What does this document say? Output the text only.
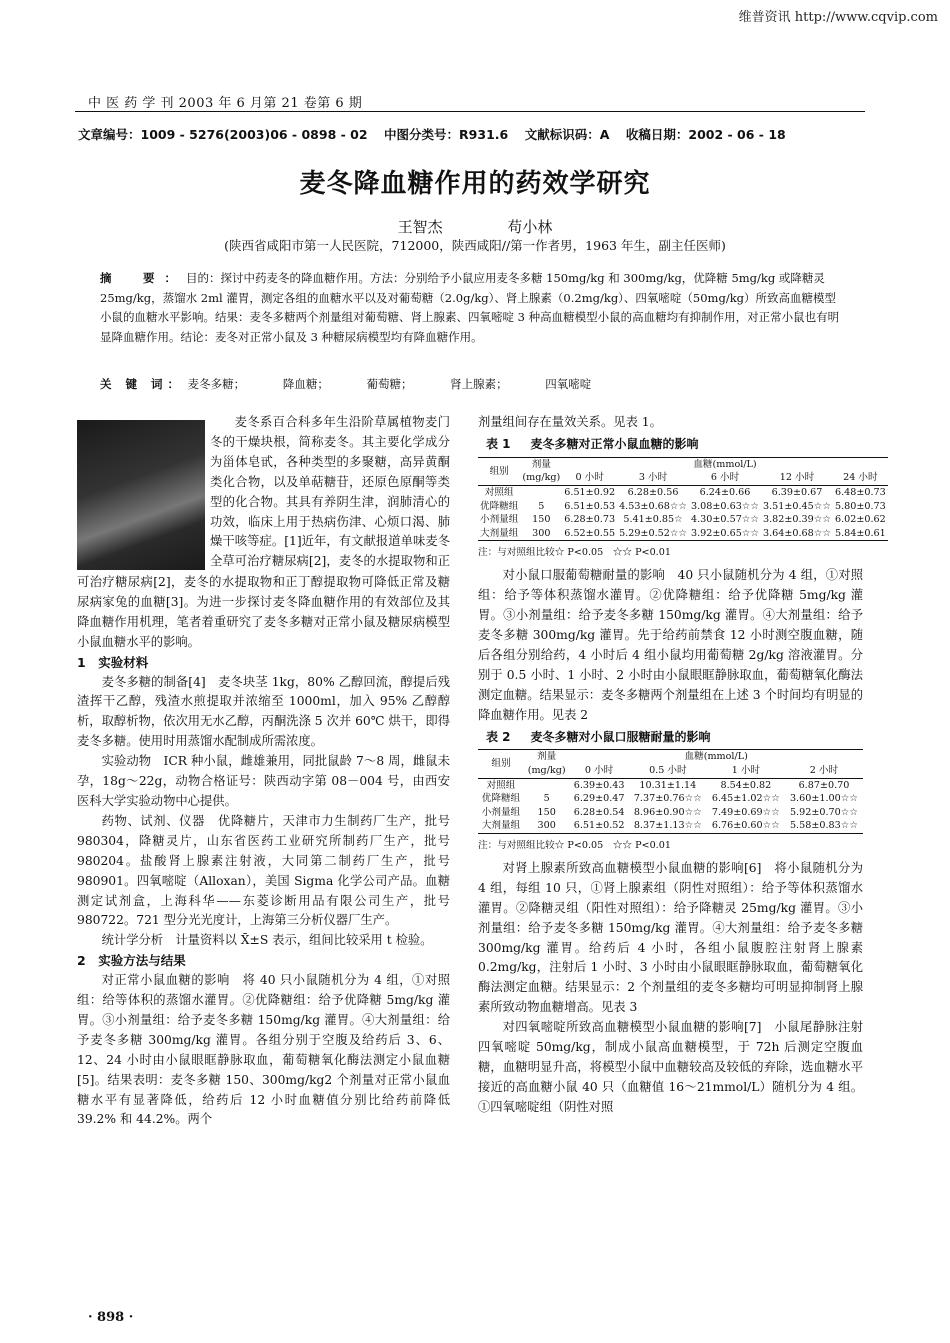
维普资讯 http://www.cqvip.com
中 医 药 学 刊 2003 年 6 月第 21 卷第 6 期
文章编号：1009 - 5276(2003)06 - 0898 - 02　 中图分类号：R931.6　 文献标识码：A　 收稿日期：2002 - 06 - 18
麦冬降血糖作用的药效学研究
王智杰	苟小林
(陕西省咸阳市第一人民医院，712000，陕西咸阳//第一作者男，1963 年生，副主任医师)
摘　要：目的：探讨中药麦冬的降血糖作用。方法：分别给予小鼠应用麦冬多糖 150mg/kg 和 300mg/kg，优降糖 5mg/kg 或降糖灵 25mg/kg，蒸馏水 2ml 灌胃，测定各组的血糖水平以及对葡萄糖（2.0g/kg）、肾上腺素（0.2mg/kg）、四氧嘧啶（50mg/kg）所致高血糖模型小鼠的血糖水平影响。结果：麦冬多糖两个剂量组对葡萄糖、肾上腺素、四氧嘧啶 3 种高血糖模型小鼠的高血糖均有抑制作用，对正常小鼠也有明显降血糖作用。结论：麦冬对正常小鼠及 3 种糖尿病模型均有降血糖作用。
关 键 词： 麦冬多糖；	降血糖；	葡萄糖；	肾上腺素；	四氧嘧啶

麦冬系百合科多年生沿阶草属植物麦门冬的干燥块根，简称麦冬。其主要化学成分为甾体皂甙，各种类型的多聚糖，高异黄酮类化合物，以及单萜糖苷，还原色原酮等类型的化合物。其具有养阴生津，润肺清心的功效，临床上用于热病伤津、心烦口渴、肺燥干咳等症。[1]近年，有文献报道单味麦冬全草可治疗糖尿病[2]，麦冬的水提取物和正

可治疗糖尿病[2]，麦冬的水提取物和正丁醇提取物可降低正常及糖尿病家兔的血糖[3]。为进一步探讨麦冬降血糖作用的有效部位及其降血糖作用机理，笔者着重研究了麦冬多糖对正常小鼠及糖尿病模型小鼠血糖水平的影响。

1　实验材料

麦冬多糖的制备[4]　麦冬块茎 1kg，80% 乙醇回流，醇提后残渣挥干乙醇，残渣水煎提取并浓缩至 1000ml，加入 95% 乙醇醇析，取醇析物，依次用无水乙醇，丙酮洗涤 5 次并 60℃ 烘干，即得麦冬多糖。使用时用蒸馏水配制成所需浓度。

实验动物　ICR 种小鼠，雌雄兼用，同批鼠龄 7～8 周，雌鼠未孕，18g～22g，动物合格证号：陕西动字第 08－004 号，由西安医科大学实验动物中心提供。

药物、试剂、仪器　优降糖片，天津市力生制药厂生产，批号 980304，降糖灵片，山东省医药工业研究所制药厂生产，批号 980204。盐酸肾上腺素注射液，大同第二制药厂生产，批号 980901。四氧嘧啶（Alloxan），美国 Sigma 化学公司产品。血糖测定试剂盒，上海科华——东菱诊断用品有限公司生产，批号 980722。721 型分光光度计，上海第三分析仪器厂生产。

统计学分析　计量资料以 X̄±S 表示，组间比较采用 t 检验。

2　实验方法与结果

对正常小鼠血糖的影响　将 40 只小鼠随机分为 4 组，①对照组：给等体积的蒸馏水灌胃。②优降糖组：给予优降糖 5mg/kg 灌胃。③小剂量组：给予麦冬多糖 150mg/kg 灌胃。④大剂量组：给予麦冬多糖 300mg/kg 灌胃。各组分别于空腹及给药后 3、6、12、24 小时由小鼠眼眶静脉取血，葡萄糖氧化酶法测定小鼠血糖[5]。结果表明：麦冬多糖 150、300mg/kg2 个剂量对正常小鼠血糖水平有显著降低，给药后 12 小时血糖值分别比给药前降低 39.2% 和 44.2%。两个

剂量组间存在量效关系。见表 1。

表 1 麦冬多糖对正常小鼠血糖的影响
组别	剂量	血糖(mmol/L)				
	(mg/kg)	0 小时	3 小时	6 小时	12 小时	24 小时
对照组		6.51±0.92	6.28±0.56	6.24±0.66	6.39±0.67	6.48±0.73
优降糖组	5	6.51±0.53	4.53±0.68☆☆	3.08±0.63☆☆	3.51±0.45☆☆	5.80±0.73
小剂量组	150	6.28±0.73	5.41±0.85☆	4.30±0.57☆☆	3.82±0.39☆☆	6.02±0.62
大剂量组	300	6.52±0.55	5.29±0.52☆☆	3.92±0.65☆☆	3.64±0.68☆☆	5.84±0.61
注：与对照组比较☆ P<0.05　☆☆ P<0.01

对小鼠口服葡萄糖耐量的影响　40 只小鼠随机分为 4 组，①对照组：给予等体积蒸馏水灌胃。②优降糖组：给予优降糖 5mg/kg 灌胃。③小剂量组：给予麦冬多糖 150mg/kg 灌胃。④大剂量组：给予麦冬多糖 300mg/kg 灌胃。先于给药前禁食 12 小时测空腹血糖，随后各组分别给药，4 小时后 4 组小鼠均用葡萄糖 2g/kg 溶液灌胃。分别于 0.5 小时、1 小时、2 小时由小鼠眼眶静脉取血，葡萄糖氧化酶法测定血糖。结果显示：麦冬多糖两个剂量组在上述 3 个时间均有明显的降血糖作用。见表 2

表 2 麦冬多糖对小鼠口服糖耐量的影响
组别	剂量	血糖(mmol/L)			
	(mg/kg)	0 小时	0.5 小时	1 小时	2 小时
对照组		6.39±0.43	10.31±1.14	8.54±0.82	6.87±0.70
优降糖组	5	6.29±0.47	7.37±0.76☆☆	6.45±1.02☆☆	3.60±1.00☆☆
小剂量组	150	6.28±0.54	8.96±0.90☆☆	7.49±0.69☆☆	5.92±0.70☆☆
大剂量组	300	6.51±0.52	8.37±1.13☆☆	6.76±0.60☆☆	5.58±0.83☆☆
注：与对照组比较☆ P<0.05　☆☆ P<0.01

对肾上腺素所致高血糖模型小鼠血糖的影响[6]　将小鼠随机分为 4 组，每组 10 只，①肾上腺素组（阴性对照组）：给予等体积蒸馏水灌胃。②降糖灵组（阳性对照组）：给予降糖灵 25mg/kg 灌胃。③小剂量组：给予麦冬多糖 150mg/kg 灌胃。④大剂量组：给予麦冬多糖 300mg/kg 灌胃。给药后 4 小时，各组小鼠腹腔注射肾上腺素 0.2mg/kg，注射后 1 小时、3 小时由小鼠眼眶静脉取血，葡萄糖氧化酶法测定血糖。结果显示：2 个剂量组的麦冬多糖均可明显抑制肾上腺素所致动物血糖增高。见表 3

对四氧嘧啶所致高血糖模型小鼠血糖的影响[7]　小鼠尾静脉注射四氧嘧啶 50mg/kg，制成小鼠高血糖模型，于 72h 后测定空腹血糖，血糖明显升高，将模型小鼠中血糖较高及较低的弃除，选血糖水平接近的高血糖小鼠 40 只（血糖值 16～21mmol/L）随机分为 4 组。①四氧嘧啶组（阴性对照

· 898 ·
